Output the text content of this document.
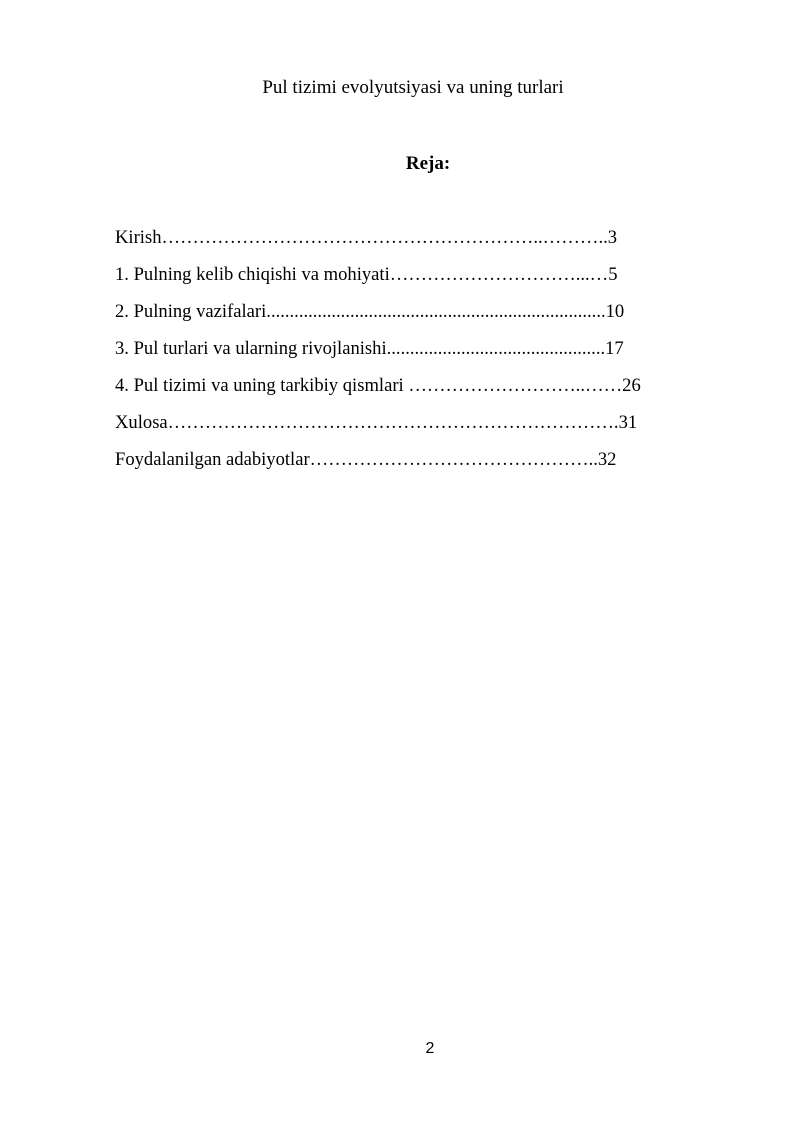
Pul tizimi evolyutsiyasi va uning turlari
Reja:
Kirish……………………………………………………..………..3
1. Pulning kelib chiqishi va mohiyati…………………………...…5
2. Pulning vazifalari.........................................................................10
3. Pul turlari va ularning rivojlanishi...............................................17
4. Pul tizimi va uning tarkibiy qismlari ………………………..……26
Xulosa……………………………………………………………….31
Foydalanilgan adabiyotlar………………………………………..32
2
